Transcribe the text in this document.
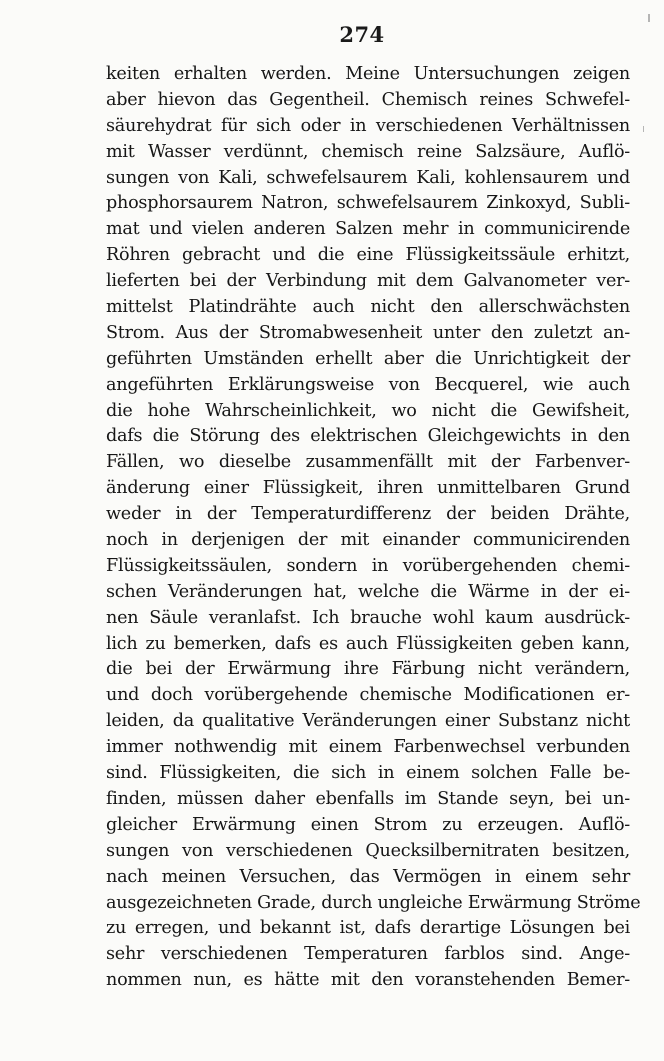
274
keiten erhalten werden. Meine Untersuchungen zeigen
aber hievon das Gegentheil. Chemisch reines Schwefel-
säurehydrat für sich oder in verschiedenen Verhältnissen
mit Wasser verdünnt, chemisch reine Salzsäure, Auflö-
sungen von Kali, schwefelsaurem Kali, kohlensaurem und
phosphorsaurem Natron, schwefelsaurem Zinkoxyd, Subli-
mat und vielen anderen Salzen mehr in communicirende
Röhren gebracht und die eine Flüssigkeitssäule erhitzt,
lieferten bei der Verbindung mit dem Galvanometer ver-
mittelst Platindrähte auch nicht den allerschwächsten
Strom. Aus der Stromabwesenheit unter den zuletzt an-
geführten Umständen erhellt aber die Unrichtigkeit der
angeführten Erklärungsweise von Becquerel, wie auch
die hohe Wahrscheinlichkeit, wo nicht die Gewifsheit,
dafs die Störung des elektrischen Gleichgewichts in den
Fällen, wo dieselbe zusammenfällt mit der Farbenver-
änderung einer Flüssigkeit, ihren unmittelbaren Grund
weder in der Temperaturdifferenz der beiden Drähte,
noch in derjenigen der mit einander communicirenden
Flüssigkeitssäulen, sondern in vorübergehenden chemi-
schen Veränderungen hat, welche die Wärme in der ei-
nen Säule veranlafst. Ich brauche wohl kaum ausdrück-
lich zu bemerken, dafs es auch Flüssigkeiten geben kann,
die bei der Erwärmung ihre Färbung nicht verändern,
und doch vorübergehende chemische Modificationen er-
leiden, da qualitative Veränderungen einer Substanz nicht
immer nothwendig mit einem Farbenwechsel verbunden
sind. Flüssigkeiten, die sich in einem solchen Falle be-
finden, müssen daher ebenfalls im Stande seyn, bei un-
gleicher Erwärmung einen Strom zu erzeugen. Auflö-
sungen von verschiedenen Quecksilbernitraten besitzen,
nach meinen Versuchen, das Vermögen in einem sehr
ausgezeichneten Grade, durch ungleiche Erwärmung Ströme
zu erregen, und bekannt ist, dafs derartige Lösungen bei
sehr verschiedenen Temperaturen farblos sind. Ange-
nommen nun, es hätte mit den voranstehenden Bemer-
